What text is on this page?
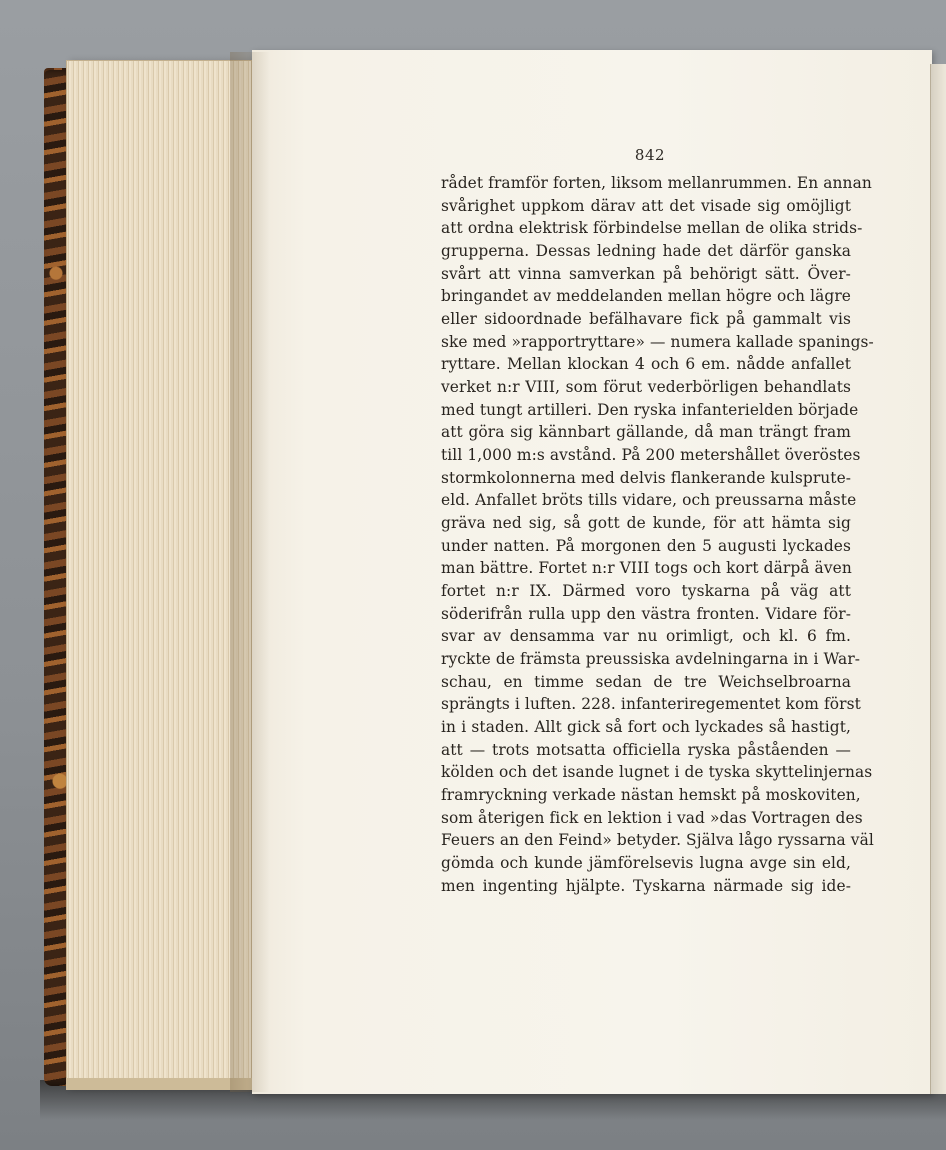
842
rådet framför forten, liksom mellanrummen. En annan
svårighet uppkom därav att det visade sig omöjligt
att ordna elektrisk förbindelse mellan de olika strids-
grupperna. Dessas ledning hade det därför ganska
svårt att vinna samverkan på behörigt sätt. Över-
bringandet av meddelanden mellan högre och lägre
eller sidoordnade befälhavare fick på gammalt vis
ske med »rapportryttare» — numera kallade spanings-
ryttare. Mellan klockan 4 och 6 em. nådde anfallet
verket n:r VIII, som förut vederbörligen behandlats
med tungt artilleri. Den ryska infanterielden började
att göra sig kännbart gällande, då man trängt fram
till 1,000 m:s avstånd. På 200 metershållet överöstes
stormkolonnerna med delvis flankerande kulsprute-
eld. Anfallet bröts tills vidare, och preussarna måste
gräva ned sig, så gott de kunde, för att hämta sig
under natten. På morgonen den 5 augusti lyckades
man bättre. Fortet n:r VIII togs och kort därpå även
fortet n:r IX. Därmed voro tyskarna på väg att
söderifrån rulla upp den västra fronten. Vidare för-
svar av densamma var nu orimligt, och kl. 6 fm.
ryckte de främsta preussiska avdelningarna in i War-
schau, en timme sedan de tre Weichselbroarna
sprängts i luften. 228. infanteriregementet kom först
in i staden. Allt gick så fort och lyckades så hastigt,
att — trots motsatta officiella ryska påståenden —
kölden och det isande lugnet i de tyska skyttelinjernas
framryckning verkade nästan hemskt på moskoviten,
som återigen fick en lektion i vad »das Vortragen des
Feuers an den Feind» betyder. Själva lågo ryssarna väl
gömda och kunde jämförelsevis lugna avge sin eld,
men ingenting hjälpte. Tyskarna närmade sig ide-
